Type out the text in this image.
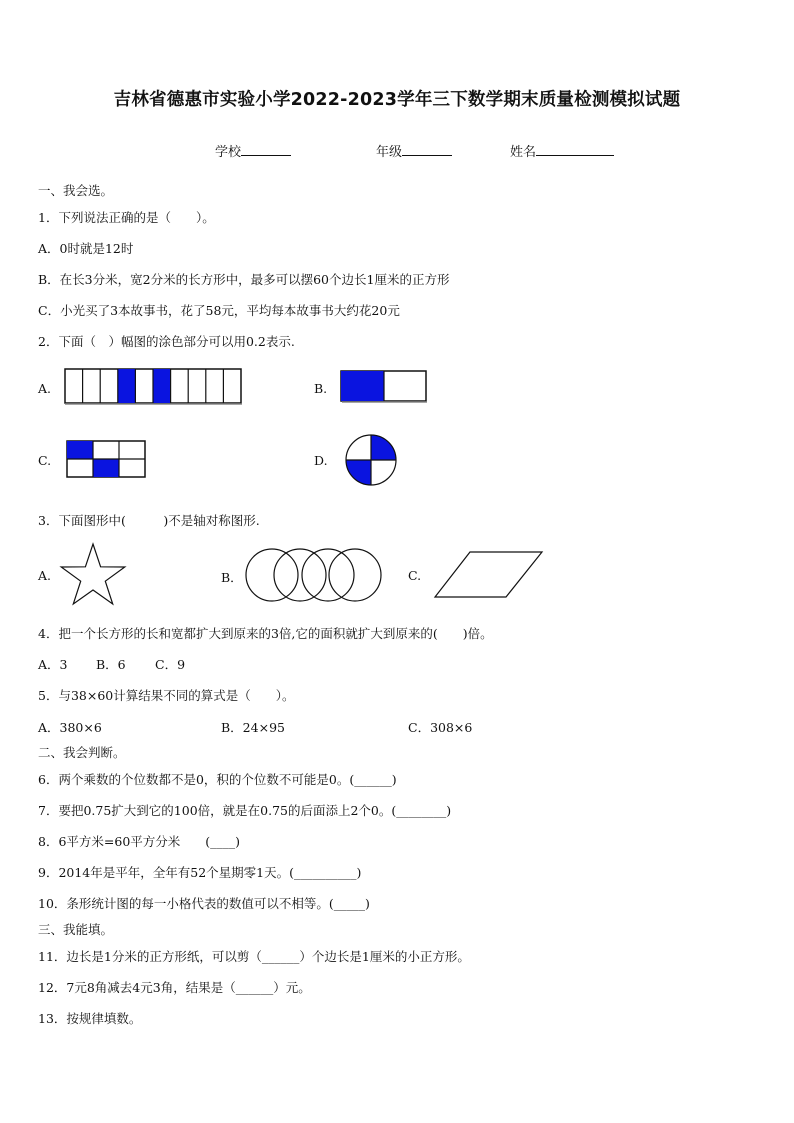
吉林省德惠市实验小学2022-2023学年三下数学期末质量检测模拟试题
学校	年级	姓名
一、我会选。
1．下列说法正确的是（　　）。
A．0时就是12时
B．在长3分米，宽2分米的长方形中，最多可以摆60个边长1厘米的正方形
C．小光买了3本故事书，花了58元，平均每本故事书大约花20元
2．下面（　）幅图的涂色部分可以用0.2表示.
A.	B.
C.	D.
3．下面图形中(　　　)不是轴对称图形.
A.	B．	C.
4．把一个长方形的长和宽都扩大到原来的3倍,它的面积就扩大到原来的(　　)倍。
A．3 B．6 C．9
5．与38×60计算结果不同的算式是（　　）。
A．380×6	B．24×95	C．308×6
二、我会判断。
6．两个乘数的个位数都不是0，积的个位数不可能是0。(______)
7．要把0.75扩大到它的100倍，就是在0.75的后面添上2个0。(________)
8．6平方米=60平方分米　　(____)
9．2014年是平年，全年有52个星期零1天。(__________)
10．条形统计图的每一小格代表的数值可以不相等。(_____)
三、我能填。
11．边长是1分米的正方形纸，可以剪（______）个边长是1厘米的小正方形。
12．7元8角减去4元3角，结果是（______）元。
13．按规律填数。
